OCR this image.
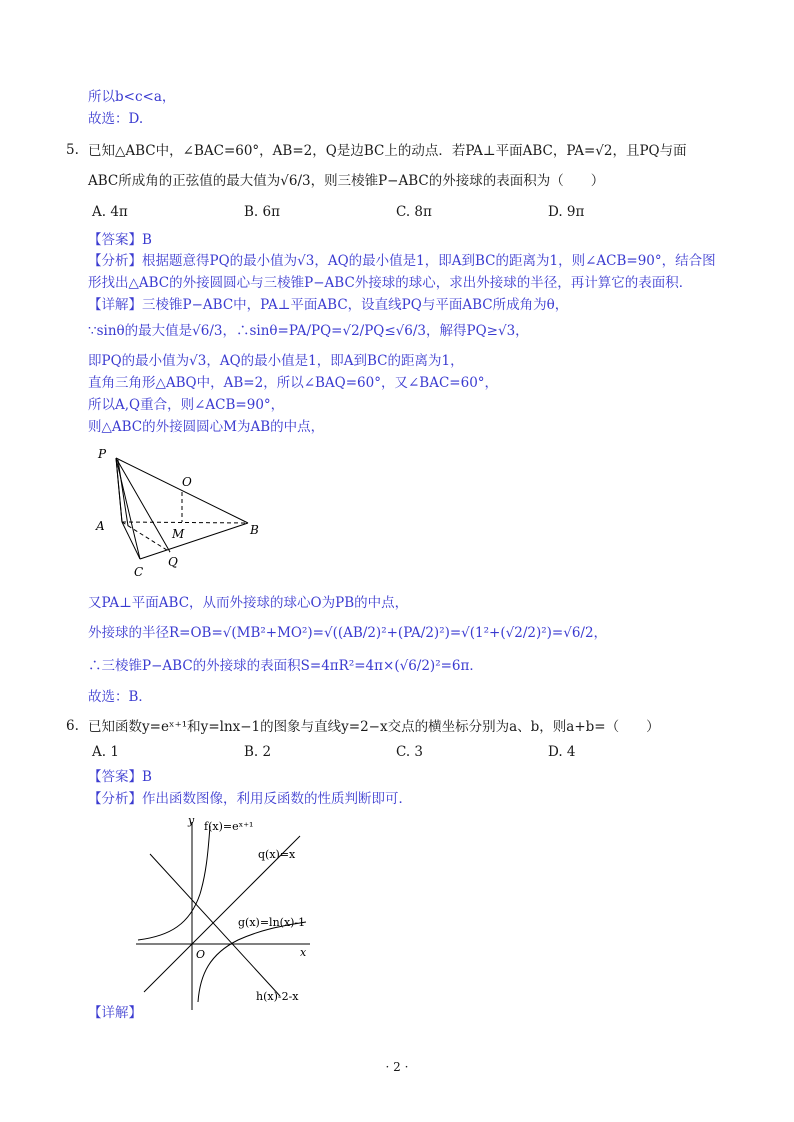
所以b<c<a，
故选：D.
5. 已知△ABC中，∠BAC=60°，AB=2，Q是边BC上的动点．若PA⊥平面ABC，PA=√2，且PQ与面
ABC所成角的正弦值的最大值为√6/3，则三棱锥P−ABC的外接球的表面积为（　　）
A. 4π	B. 6π	C. 8π	D. 9π
【答案】B
【分析】根据题意得PQ的最小值为√3，AQ的最小值是1，即A到BC的距离为1，则∠ACB=90°，结合图
形找出△ABC的外接圆圆心与三棱锥P−ABC外接球的球心，求出外接球的半径，再计算它的表面积．
【详解】三棱锥P−ABC中，PA⊥平面ABC，设直线PQ与平面ABC所成角为θ，
∵sinθ的最大值是√6/3，∴sinθ=PA/PQ=√2/PQ≤√6/3，解得PQ≥√3，
即PQ的最小值为√3，AQ的最小值是1，即A到BC的距离为1，
直角三角形△ABQ中，AB=2，所以∠BAQ=60°，又∠BAC=60°，
所以A,Q重合，则∠ACB=90°，
则△ABC的外接圆圆心M为AB的中点，
P
O
A
M	B
C
Q
又PA⊥平面ABC，从而外接球的球心O为PB的中点，
外接球的半径R=OB=√(MB²+MO²)=√((AB/2)²+(PA/2)²)=√(1²+(√2/2)²)=√6/2，
∴三棱锥P−ABC的外接球的表面积S=4πR²=4π×(√6/2)²=6π．
故选：B．
6. 已知函数y=eˣ⁺¹和y=lnx−1的图象与直线y=2−x交点的横坐标分别为a、b，则a+b=（　　）
A. 1	B. 2	C. 3	D. 4
【答案】B
【分析】作出函数图像，利用反函数的性质判断即可．
y f(x)=eˣ⁺¹
q(x)=x
g(x)=ln(x)-1
x
O
h(x)-2-x
【详解】
· 2 ·
